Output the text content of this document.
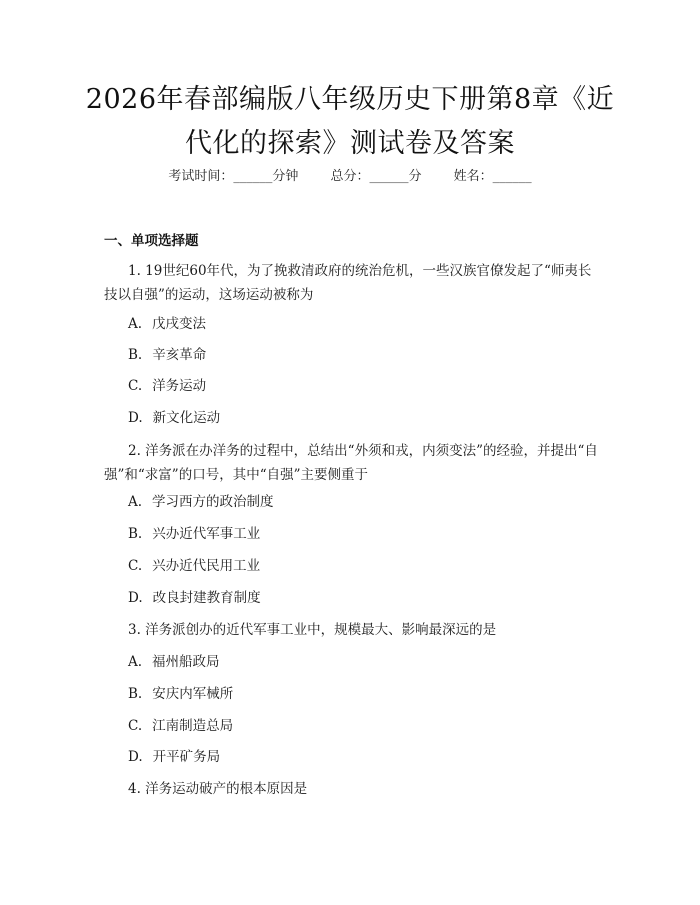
2026年春部编版八年级历史下册第8章《近
代化的探索》测试卷及答案
考试时间：______分钟 总分：______分 姓名：______
一、单项选择题
1. 19世纪60年代，为了挽救清政府的统治危机，一些汉族官僚发起了“师夷长技以自强”的运动，这场运动被称为
A. 戊戌变法
B. 辛亥革命
C. 洋务运动
D. 新文化运动
2. 洋务派在办洋务的过程中，总结出“外须和戎，内须变法”的经验，并提出“自强”和“求富”的口号，其中“自强”主要侧重于
A. 学习西方的政治制度
B. 兴办近代军事工业
C. 兴办近代民用工业
D. 改良封建教育制度
3. 洋务派创办的近代军事工业中，规模最大、影响最深远的是
A. 福州船政局
B. 安庆内军械所
C. 江南制造总局
D. 开平矿务局
4. 洋务运动破产的根本原因是
